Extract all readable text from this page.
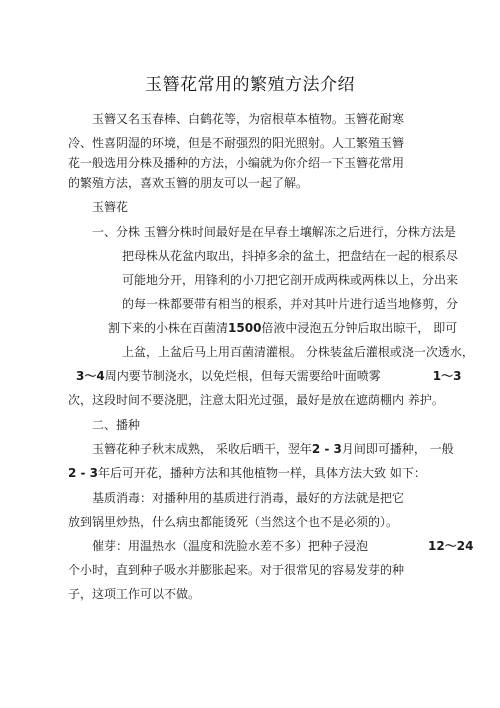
玉簪花常用的繁殖方法介绍
玉簪又名玉春棒、白鹤花等，为宿根草本植物。玉簪花耐寒
冷、性喜阴湿的环境，但是不耐强烈的阳光照射。人工繁殖玉簪
花一般选用分株及播种的方法，小编就为你介绍一下玉簪花常用
的繁殖方法，喜欢玉簪的朋友可以一起了解。
玉簪花
一、分株 玉簪分株时间最好是在早春土壤解冻之后进行，分株方法是
把母株从花盆内取出，抖掉多余的盆土，把盘结在一起的根系尽
可能地分开，用锋利的小刀把它剖开成两株或两株以上，分出来
的每一株都要带有相当的根系，并对其叶片进行适当地修剪，分
割下来的小株在百菌清1500倍液中浸泡五分钟后取出晾干， 即可
上盆，上盆后马上用百菌清灌根。 分株装盆后灌根或浇一次透水，
3～4周内要节制浇水，以免烂根，但每天需要给叶面喷雾	1～3
次，这段时间不要浇肥，注意太阳光过强，最好是放在遮荫棚内 养护。
二、播种
玉簪花种子秋末成熟， 采收后晒干，翌年2 - 3月间即可播种， 一般
2 - 3年后可开花，播种方法和其他植物一样，具体方法大致 如下：
基质消毒：对播种用的基质进行消毒，最好的方法就是把它
放到锅里炒热，什么病虫都能烫死（当然这个也不是必须的）。
催芽：用温热水（温度和洗脸水差不多）把种子浸泡	12～24
个小时，直到种子吸水并膨胀起来。对于很常见的容易发芽的种
子，这项工作可以不做。
